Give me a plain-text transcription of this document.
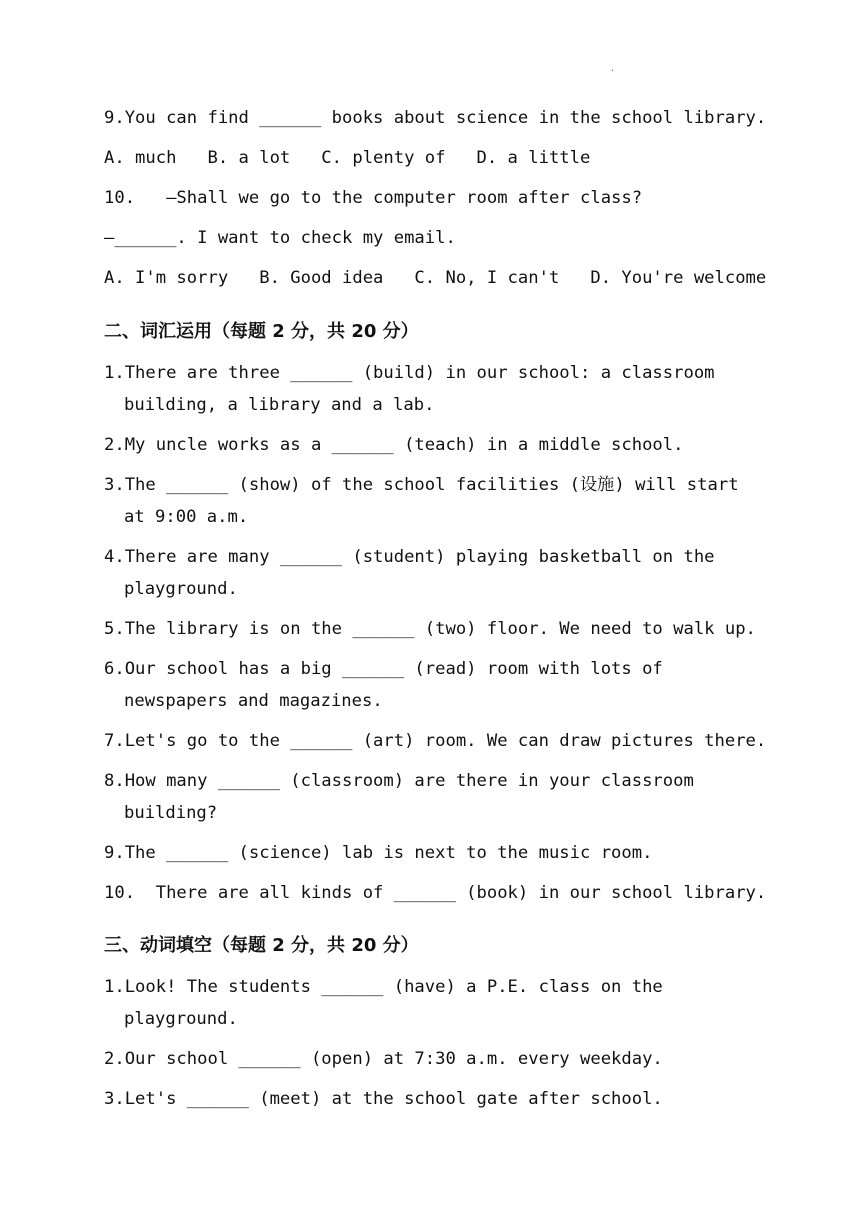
·
9.You can find ______ books about science in the school library.
A. much   B. a lot   C. plenty of   D. a little
10.   —Shall we go to the computer room after class?
—______. I want to check my email.
A. I'm sorry   B. Good idea   C. No, I can't   D. You're welcome
二、词汇运用（每题 2 分，共 20 分）
1.There are three ______ (build) in our school: a classroom
building, a library and a lab.
2.My uncle works as a ______ (teach) in a middle school.
3.The ______ (show) of the school facilities (设施) will start
at 9:00 a.m.
4.There are many ______ (student) playing basketball on the
playground.
5.The library is on the ______ (two) floor. We need to walk up.
6.Our school has a big ______ (read) room with lots of
newspapers and magazines.
7.Let's go to the ______ (art) room. We can draw pictures there.
8.How many ______ (classroom) are there in your classroom
building?
9.The ______ (science) lab is next to the music room.
10.  There are all kinds of ______ (book) in our school library.
三、动词填空（每题 2 分，共 20 分）
1.Look! The students ______ (have) a P.E. class on the
playground.
2.Our school ______ (open) at 7:30 a.m. every weekday.
3.Let's ______ (meet) at the school gate after school.
